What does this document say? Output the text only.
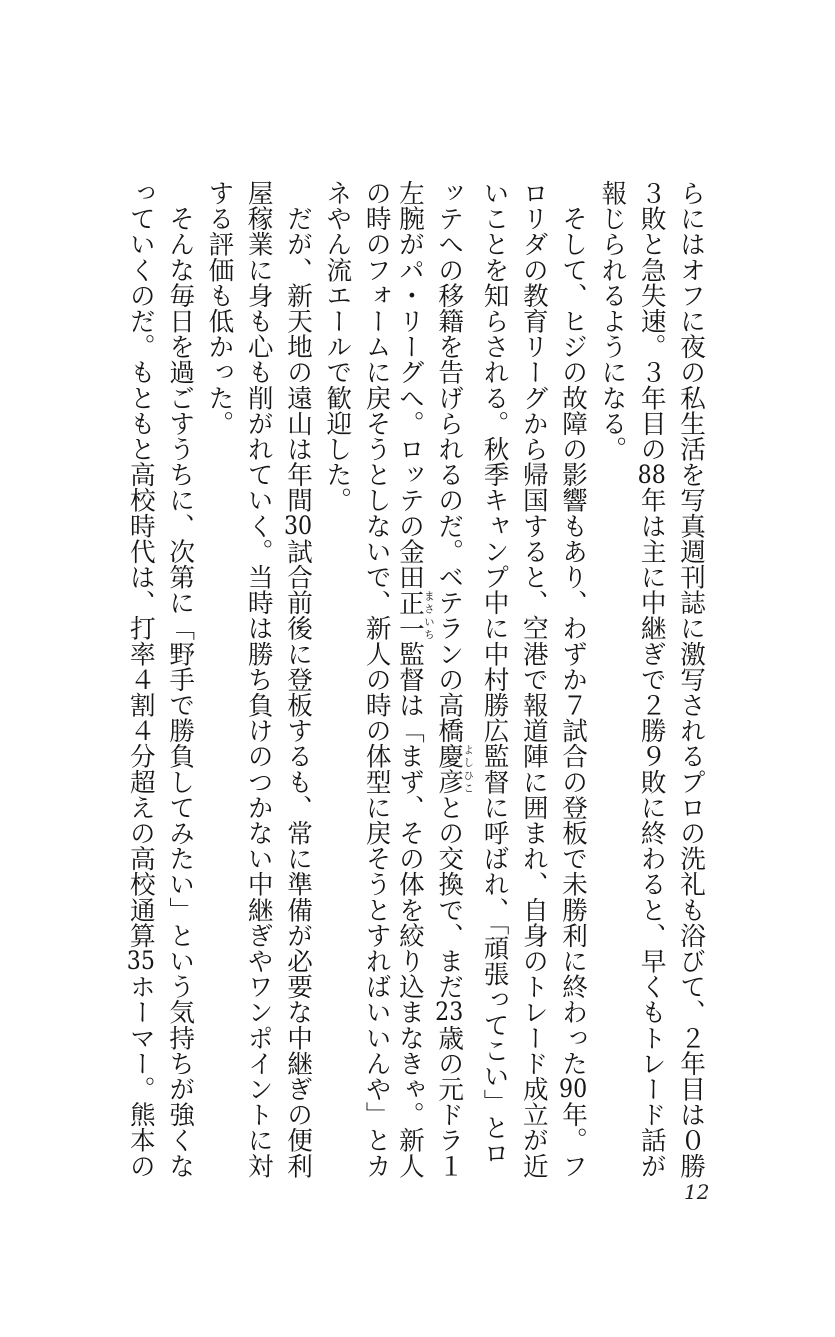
らにはオフに夜の私生活を写真週刊誌に激写されるプロの洗礼も浴びて、２年目は０勝
３敗と急失速。３年目の88年は主に中継ぎで２勝９敗に終わると、早くもトレード話が
報じられるようになる。
　そして、ヒジの故障の影響もあり、わずか７試合の登板で未勝利に終わった90年。フ
ロリダの教育リーグから帰国すると、空港で報道陣に囲まれ、自身のトレード成立が近
いことを知らされる。秋季キャンプ中に中村勝広監督に呼ばれ、「頑張ってこい」とロ
ッテへの移籍を告げられるのだ。ベテランの高橋慶彦よしひことの交換で、まだ23歳の元ドラ１
左腕がパ・リーグへ。ロッテの金田正一まさいち監督は「まず、その体を絞り込まなきゃ。新人
の時のフォームに戻そうとしないで、新人の時の体型に戻そうとすればいいんや」とカ
ネやん流エールで歓迎した。
　だが、新天地の遠山は年間30試合前後に登板するも、常に準備が必要な中継ぎの便利
屋稼業に身も心も削がれていく。当時は勝ち負けのつかない中継ぎやワンポイントに対
する評価も低かった。
　そんな毎日を過ごすうちに、次第に「野手で勝負してみたい」という気持ちが強くな
っていくのだ。もともと高校時代は、打率４割４分超えの高校通算35ホーマー。熊本の
12
